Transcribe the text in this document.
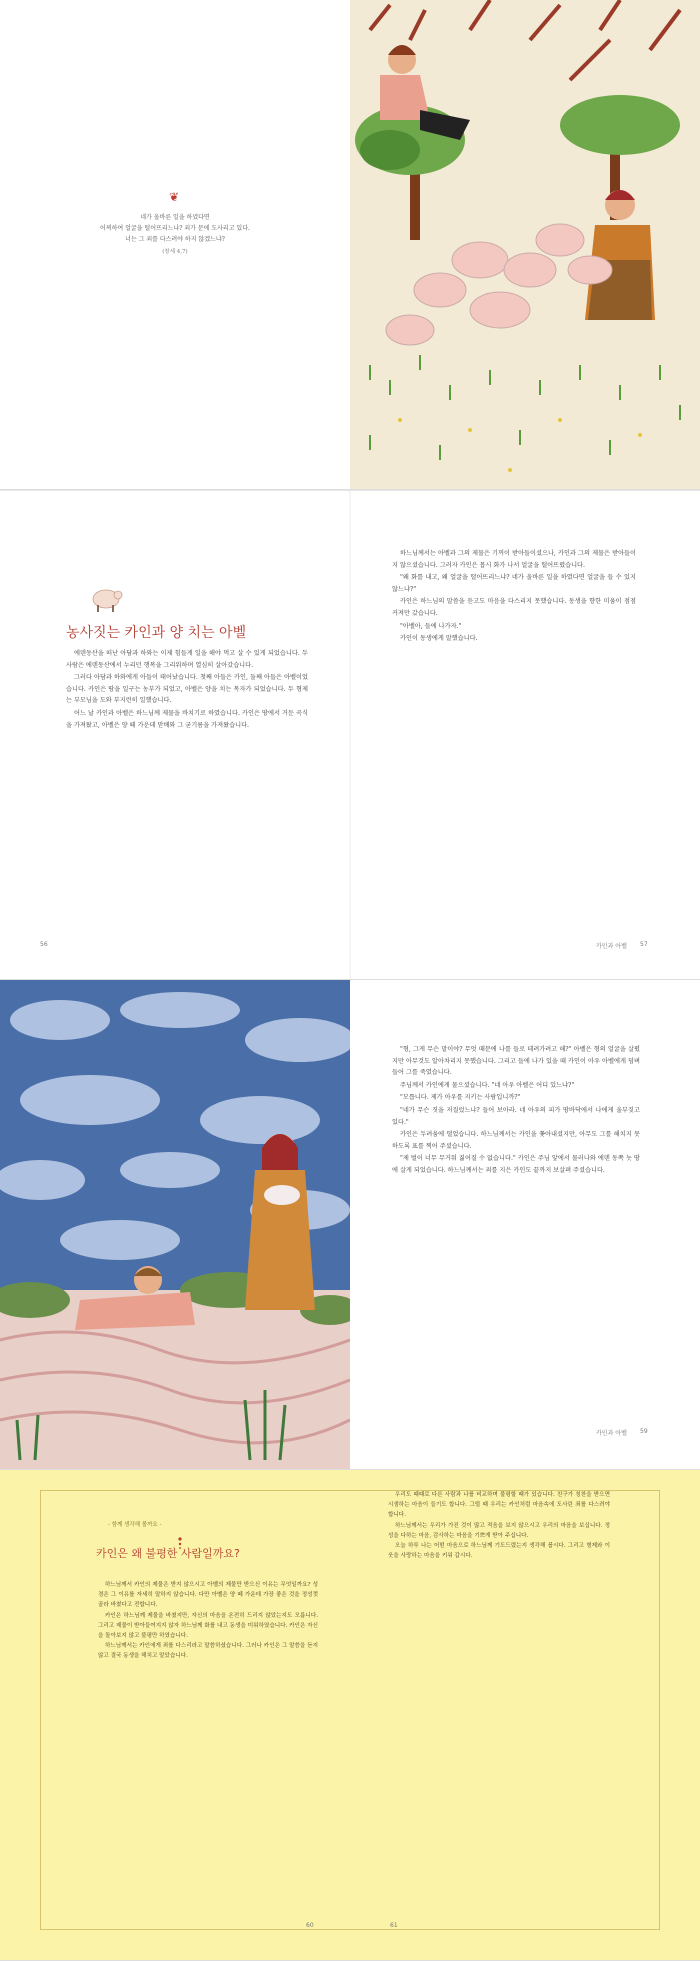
❦

네가 올바른 일을 하였다면
어찌하여 얼굴을 떨어뜨리느냐? 죄가 문에 도사리고 있다.
너는 그 죄를 다스려야 하지 않겠느냐?

(창세 4,7)
농사짓는 카인과 양 치는 아벨

에덴동산을 떠난 아담과 하와는 이제 힘들게 일을 해야 먹고 살 수 있게 되었습니다. 두 사람은 에덴동산에서 누리던 행복을 그리워하며 열심히 살아갔습니다.

그러다 아담과 하와에게 아들이 태어났습니다. 첫째 아들은 카인, 둘째 아들은 아벨이었습니다. 카인은 땅을 일구는 농부가 되었고, 아벨은 양을 치는 목자가 되었습니다. 두 형제는 부모님을 도와 부지런히 일했습니다.

어느 날 카인과 아벨은 하느님께 제물을 바치기로 하였습니다. 카인은 땅에서 거둔 곡식을 가져왔고, 아벨은 양 떼 가운데 맏배와 그 굳기름을 가져왔습니다.

하느님께서는 아벨과 그의 제물은 기꺼이 받아들이셨으나, 카인과 그의 제물은 받아들이지 않으셨습니다. 그러자 카인은 몹시 화가 나서 얼굴을 떨어뜨렸습니다.

"왜 화를 내고, 왜 얼굴을 떨어뜨리느냐? 네가 올바른 일을 하였다면 얼굴을 들 수 있지 않느냐?"

카인은 하느님의 말씀을 듣고도 마음을 다스리지 못했습니다. 동생을 향한 미움이 점점 커져만 갔습니다.

"아벨아, 들에 나가자."

카인이 동생에게 말했습니다.

56	카인과 아벨 57

"형, 그게 무슨 말이야? 무엇 때문에 나를 들로 데려가려고 해?" 아벨은 형의 얼굴을 살폈지만 아무것도 알아차리지 못했습니다. 그리고 들에 나가 있을 때 카인이 아우 아벨에게 덤벼들어 그를 죽였습니다.

주님께서 카인에게 물으셨습니다. "네 아우 아벨은 어디 있느냐?"

"모릅니다. 제가 아우를 지키는 사람입니까?"

"네가 무슨 짓을 저질렀느냐? 들어 보아라. 네 아우의 피가 땅바닥에서 나에게 울부짖고 있다."

카인은 두려움에 떨었습니다. 하느님께서는 카인을 쫓아내셨지만, 아무도 그를 해치지 못하도록 표를 찍어 주셨습니다.

"제 벌이 너무 무거워 짊어질 수 없습니다." 카인은 주님 앞에서 물러나와 에덴 동쪽 놋 땅에 살게 되었습니다. 하느님께서는 죄를 지은 카인도 끝까지 보살펴 주셨습니다.

카인과 아벨 59
- 함께 생각해 볼까요 -
카인은 왜 불평한 사람일까요?

하느님께서 카인의 제물은 받지 않으시고 아벨의 제물만 받으신 이유는 무엇일까요? 성경은 그 이유를 자세히 말하지 않습니다. 다만 아벨은 양 떼 가운데 가장 좋은 것을 정성껏 골라 바쳤다고 전합니다.

카인은 하느님께 제물을 바쳤지만, 자신의 마음을 온전히 드리지 않았는지도 모릅니다. 그리고 제물이 받아들여지지 않자 하느님께 화를 내고 동생을 미워하였습니다. 카인은 자신을 돌아보지 않고 불평만 하였습니다.

하느님께서는 카인에게 죄를 다스리라고 말씀하셨습니다. 그러나 카인은 그 말씀을 듣지 않고 결국 동생을 해치고 말았습니다.

우리도 때때로 다른 사람과 나를 비교하며 불평할 때가 있습니다. 친구가 칭찬을 받으면 시샘하는 마음이 들기도 합니다. 그럴 때 우리는 카인처럼 마음속에 도사린 죄를 다스려야 합니다.

하느님께서는 우리가 가진 것이 많고 적음을 보지 않으시고 우리의 마음을 보십니다. 정성을 다하는 마음, 감사하는 마음을 기쁘게 받아 주십니다.

오늘 하루 나는 어떤 마음으로 하느님께 기도드렸는지 생각해 봅시다. 그리고 형제와 이웃을 사랑하는 마음을 키워 갑시다.

60	61
